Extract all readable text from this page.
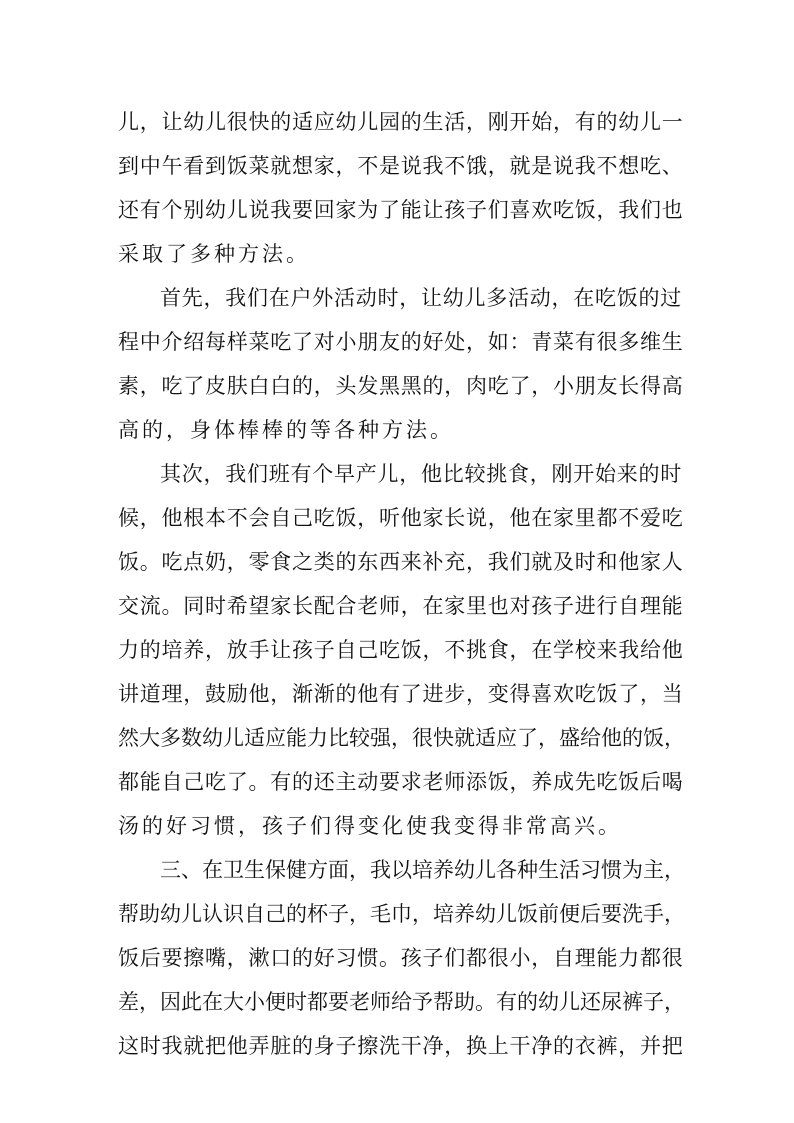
儿，让幼儿很快的适应幼儿园的生活，刚开始，有的幼儿一
到中午看到饭菜就想家，不是说我不饿，就是说我不想吃、
还有个别幼儿说我要回家为了能让孩子们喜欢吃饭，我们也
采取了多种方法。
首先，我们在户外活动时，让幼儿多活动，在吃饭的过
程中介绍每样菜吃了对小朋友的好处，如：青菜有很多维生
素，吃了皮肤白白的，头发黑黑的，肉吃了，小朋友长得高
高的，身体棒棒的等各种方法。
其次，我们班有个早产儿，他比较挑食，刚开始来的时
候，他根本不会自己吃饭，听他家长说，他在家里都不爱吃
饭。吃点奶，零食之类的东西来补充，我们就及时和他家人
交流。同时希望家长配合老师，在家里也对孩子进行自理能
力的培养，放手让孩子自己吃饭，不挑食，在学校来我给他
讲道理，鼓励他，渐渐的他有了进步，变得喜欢吃饭了，当
然大多数幼儿适应能力比较强，很快就适应了，盛给他的饭，
都能自己吃了。有的还主动要求老师添饭，养成先吃饭后喝
汤的好习惯，孩子们得变化使我变得非常高兴。
三、在卫生保健方面，我以培养幼儿各种生活习惯为主，
帮助幼儿认识自己的杯子，毛巾，培养幼儿饭前便后要洗手，
饭后要擦嘴，漱口的好习惯。孩子们都很小，自理能力都很
差，因此在大小便时都要老师给予帮助。有的幼儿还尿裤子，
这时我就把他弄脏的身子擦洗干净，换上干净的衣裤，并把
